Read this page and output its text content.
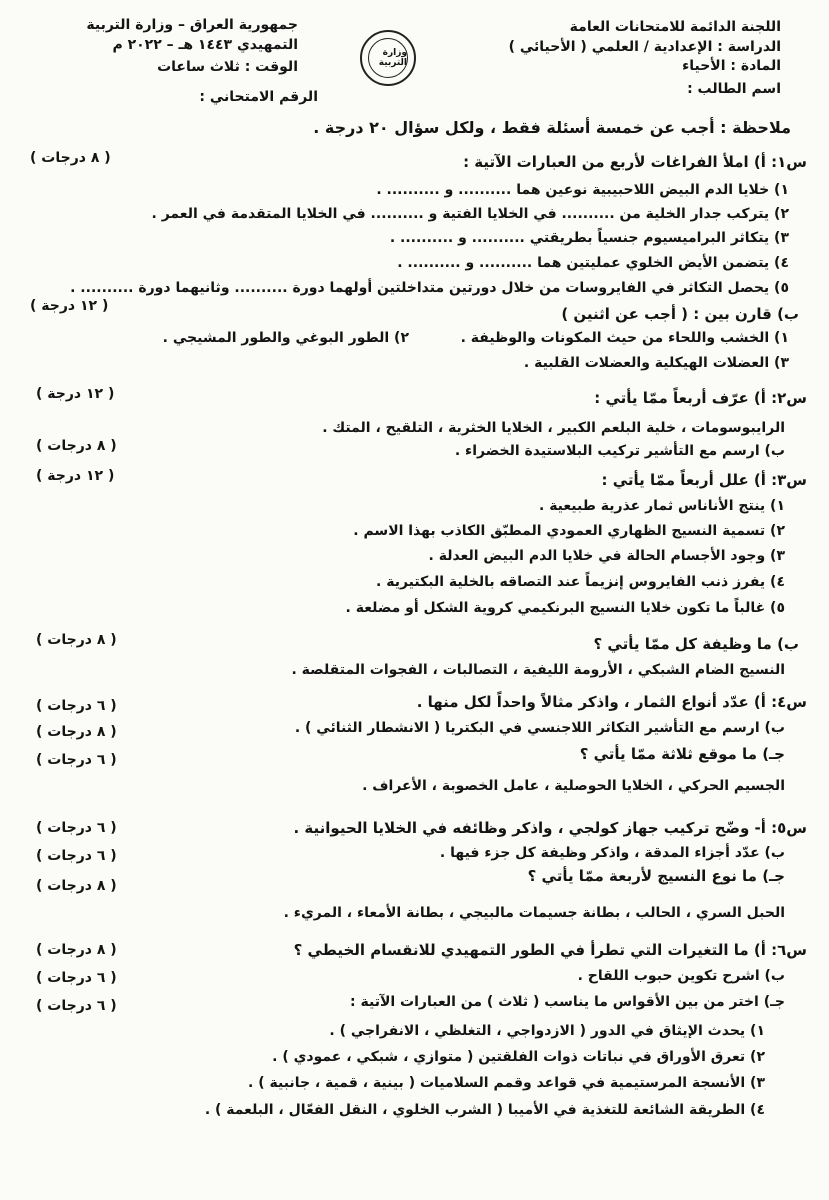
اللجنة الدائمة للامتحانات العامة
الدراسة : الإعدادية / العلمي ( الأحيائي )
المادة : الأحياء
اسم الطالب :
وزارة التربية
جمهورية العراق – وزارة التربية
التمهيدي ١٤٤٣ هـ – ٢٠٢٢ م
الوقت : ثلاث ساعات
الرقم الامتحاني :
ملاحظة : أجب عن خمسة أسئلة فقط ، ولكل سؤال ٢٠ درجة .
س١: أ) املأ الفراغات لأربع من العبارات الآتية :
( ٨ درجات )
١) خلايا الدم البيض اللاحبيبية نوعين هما .......... و .......... .
٢) يتركب جدار الخلية من .......... في الخلايا الفتية و .......... في الخلايا المتقدمة في العمر .
٣) يتكاثر البراميسيوم جنسياً بطريقتي .......... و .......... .
٤) يتضمن الأيض الخلوي عمليتين هما .......... و .......... .
٥) يحصل التكاثر في الفايروسات من خلال دورتين متداخلتين أولهما دورة .......... وثانيهما دورة .......... .
ب) قارن بين : ( أجب عن اثنين )
( ١٢ درجة )
١) الخشب واللحاء من حيث المكونات والوظيفة .
٢) الطور البوغي والطور المشيجي .
٣) العضلات الهيكلية والعضلات القلبية .
س٢: أ) عرّف أربعاً ممّا يأتي :
( ١٢ درجة )
الرايبوسومات ، خلية البلعم الكبير ، الخلايا الخثرية ، التلقيح ، المتك .
ب) ارسم مع التأشير تركيب البلاستيدة الخضراء .
( ٨ درجات )
س٣: أ) علل أربعاً ممّا يأتي :
( ١٢ درجة )
١) ينتج الأناناس ثمار عذرية طبيعية .
٢) تسمية النسيج الظهاري العمودي المطبّق الكاذب بهذا الاسم .
٣) وجود الأجسام الحالة في خلايا الدم البيض العدلة .
٤) يفرز ذنب الفايروس إنزيماً عند التصاقه بالخلية البكتيرية .
٥) غالباً ما تكون خلايا النسيج البرنكيمي كروية الشكل أو مضلعة .
ب) ما وظيفة كل ممّا يأتي ؟
( ٨ درجات )
النسيج الضام الشبكي ، الأرومة الليفية ، التصالبات ، الفجوات المتقلصة .
س٤: أ) عدّد أنواع الثمار ، واذكر مثالاً واحداً لكل منها .
( ٦ درجات )
ب) ارسم مع التأشير التكاثر اللاجنسي في البكتريا ( الانشطار الثنائي ) .
( ٨ درجات )
جـ) ما موقع ثلاثة ممّا يأتي ؟
( ٦ درجات )
الجسيم الحركي ، الخلايا الحوصلية ، عامل الخصوبة ، الأعراف .
س٥: أ- وضّح تركيب جهاز كولجي ، واذكر وظائفه في الخلايا الحيوانية .
( ٦ درجات )
ب) عدّد أجزاء المدقة ، واذكر وظيفة كل جزء فيها .
( ٦ درجات )
جـ) ما نوع النسيج لأربعة ممّا يأتي ؟
( ٨ درجات )
الحبل السري ، الحالب ، بطانة جسيمات مالبيجي ، بطانة الأمعاء ، المريء .
س٦: أ) ما التغيرات التي تطرأ في الطور التمهيدي للانقسام الخيطي ؟
( ٨ درجات )
ب) اشرح تكوين حبوب اللقاح .
( ٦ درجات )
جـ) اختر من بين الأقواس ما يناسب ( ثلاث ) من العبارات الآتية :
( ٦ درجات )
١) يحدث الإيثاق في الدور ( الازدواجي ، التغلظي ، الانفراجي ) .
٢) تعرق الأوراق في نباتات ذوات الفلقتين ( متوازي ، شبكي ، عمودي ) .
٣) الأنسجة المرستيمية في قواعد وقمم السلاميات ( بينية ، قمية ، جانبية ) .
٤) الطريقة الشائعة للتغذية في الأميبا ( الشرب الخلوي ، النقل الفعّال ، البلعمة ) .
